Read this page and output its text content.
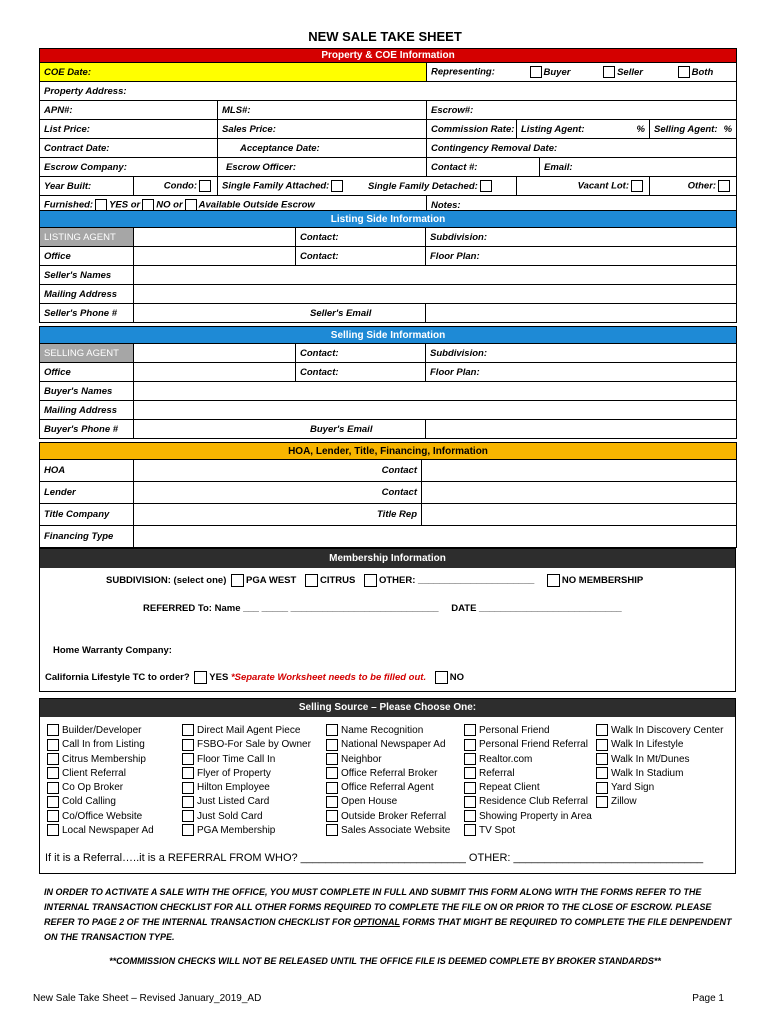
NEW SALE TAKE SHEET
Property & COE Information						
COE Date:			Representing: Buyer Seller Both			
Property Address:						
APN#:		MLS#:	Escrow#:			
List Price:		Sales Price:	Commission Rate:	Listing Agent: %		Selling Agent: %

Contract Date:		Acceptance Date:	Contingency Removal Date:			
Escrow Company:		Escrow Officer:	Contact #:		Email:	
Year Built:	Condo:	Single Family Attached: Single Family Detached:		Vacant Lot:		Other:
Furnished: YES or NO or Available Outside Escrow			Notes:			
Listing Side Information			
LISTING AGENT		Contact:	Subdivision:
Office		Contact:	Floor Plan:
Seller's Names			
Mailing Address			
Seller's Phone #	Seller's Email		
Selling Side Information			
SELLING AGENT		Contact:	Subdivision:
Office		Contact:	Floor Plan:
Buyer's Names			
Mailing Address			
Buyer's Phone #	Buyer's Email		
HOA, Lender, Title, Financing, Information		
HOA	Contact	
Lender	Contact	
Title Company	Title Rep	
Financing Type		
Membership Information
SUBDIVISION: (select one) PGA WEST CITRUS OTHER: ______________________	NO MEMBERSHIP
REFERRED To: Name ___ _____ ____________________________ DATE ___________________________
Home Warranty Company:
California Lifestyle TC to order? YES *Separate Worksheet needs to be filled out. NO
Selling Source – Please Choose One:
Builder/Developer
Call In from Listing
Citrus Membership
Client Referral
Co Op Broker
Cold Calling
Co/Office Website
Local Newspaper Ad
Direct Mail Agent Piece
FSBO-For Sale by Owner
Floor Time Call In
Flyer of Property
Hilton Employee
Just Listed Card
Just Sold Card
PGA Membership
Name Recognition
National Newspaper Ad
Neighbor
Office Referral Broker
Office Referral Agent
Open House
Outside Broker Referral
Sales Associate Website
Personal Friend
Personal Friend Referral
Realtor.com
Referral
Repeat Client
Residence Club Referral
Showing Property in Area
TV Spot
Walk In Discovery Center
Walk In Lifestyle
Walk In Mt/Dunes
Walk In Stadium
Yard Sign
Zillow
If it is a Referral…..it is a REFERRAL FROM WHO? ___________________________ OTHER: _______________________________
IN ORDER TO ACTIVATE A SALE WITH THE OFFICE, YOU MUST COMPLETE IN FULL AND SUBMIT THIS FORM ALONG WITH THE FORMS REFER TO THE INTERNAL TRANSACTION CHECKLIST FOR ALL OTHER FORMS REQUIRED TO COMPLETE THE FILE ON OR PRIOR TO THE CLOSE OF ESCROW. PLEASE REFER TO PAGE 2 OF THE INTERNAL TRANSACTION CHECKLIST FOR OPTIONAL FORMS THAT MIGHT BE REQUIRED TO COMPLETE THE FILE DENPENDENT ON THE TRANSACTION TYPE.
**COMMISSION CHECKS WILL NOT BE RELEASED UNTIL THE OFFICE FILE IS DEEMED COMPLETE BY BROKER STANDARDS**
New Sale Take Sheet – Revised January_2019_AD	Page 1
